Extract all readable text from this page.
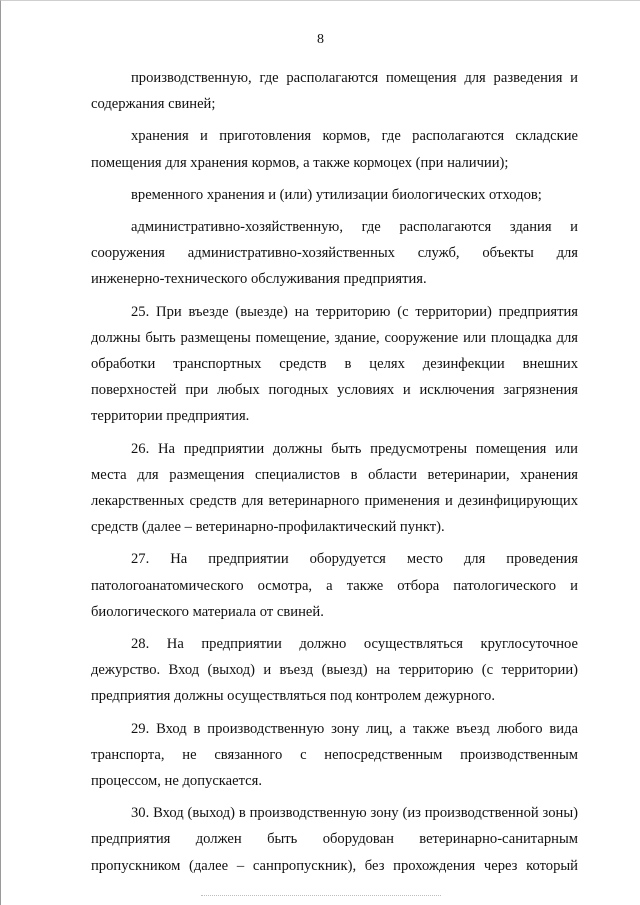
8

производственную, где располагаются помещения для разведения и содержания свиней;

хранения и приготовления кормов, где располагаются складские помещения для хранения кормов, а также кормоцех (при наличии);

временного хранения и (или) утилизации биологических отходов;

административно-хозяйственную, где располагаются здания и сооружения административно-хозяйственных служб, объекты для инженерно-технического обслуживания предприятия.

25. При въезде (выезде) на территорию (с территории) предприятия должны быть размещены помещение, здание, сооружение или площадка для обработки транспортных средств в целях дезинфекции внешних поверхностей при любых погодных условиях и исключения загрязнения территории предприятия.

26. На предприятии должны быть предусмотрены помещения или места для размещения специалистов в области ветеринарии, хранения лекарственных средств для ветеринарного применения и дезинфицирующих средств (далее – ветеринарно-профилактический пункт).

27. На предприятии оборудуется место для проведения патологоанатомического осмотра, а также отбора патологического и биологического материала от свиней.

28. На предприятии должно осуществляться круглосуточное дежурство. Вход (выход) и въезд (выезд) на территорию (с территории) предприятия должны осуществляться под контролем дежурного.

29. Вход в производственную зону лиц, а также въезд любого вида транспорта, не связанного с непосредственным производственным процессом, не допускается.

30. Вход (выход) в производственную зону (из производственной зоны) предприятия должен быть оборудован ветеринарно-санитарным пропускником (далее – санпропускник), без прохождения через который
